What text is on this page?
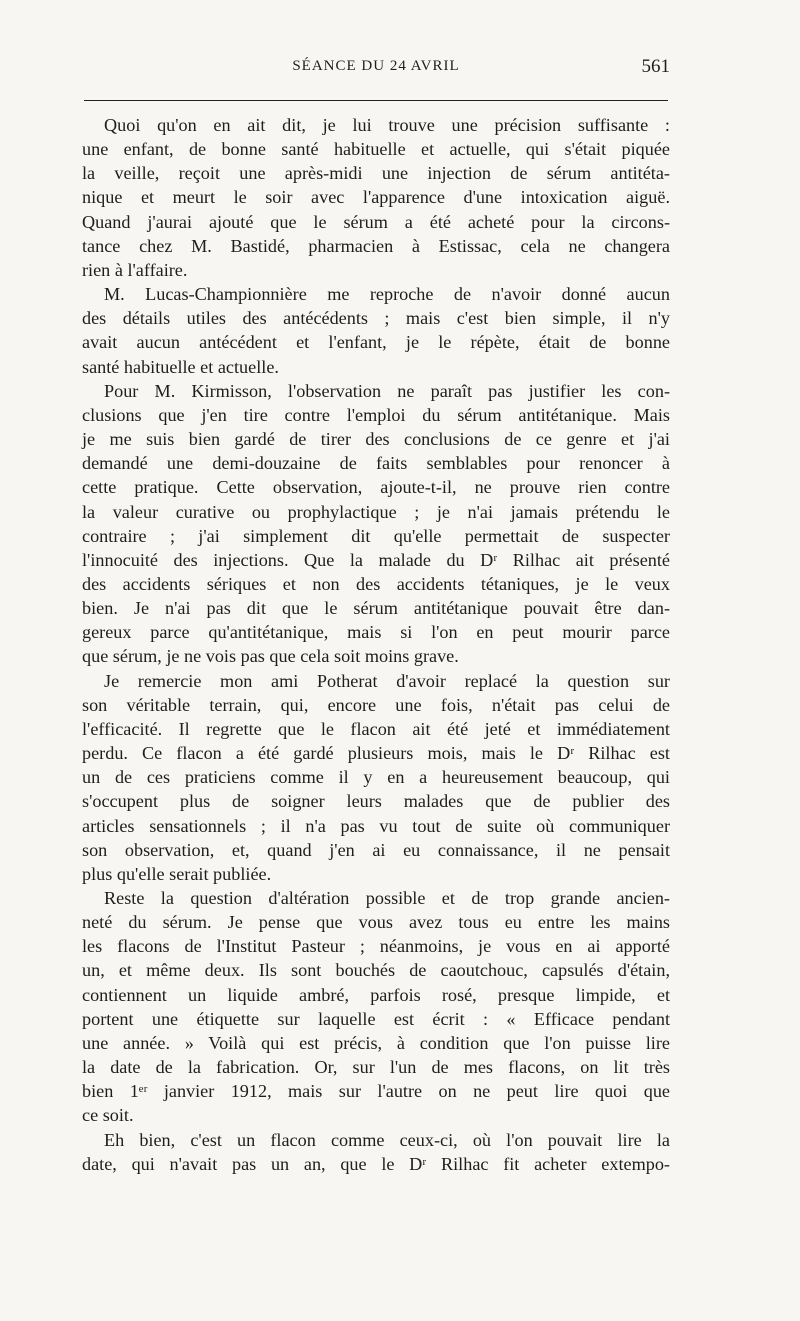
SÉANCE DU 24 AVRIL	561
Quoi qu'on en ait dit, je lui trouve une précision suffisante :
une enfant, de bonne santé habituelle et actuelle, qui s'était piquée
la veille, reçoit une après-midi une injection de sérum antitéta-
nique et meurt le soir avec l'apparence d'une intoxication aiguë.
Quand j'aurai ajouté que le sérum a été acheté pour la circons-
tance chez M. Bastidé, pharmacien à Estissac, cela ne changera
rien à l'affaire.
M. Lucas-Championnière me reproche de n'avoir donné aucun
des détails utiles des antécédents ; mais c'est bien simple, il n'y
avait aucun antécédent et l'enfant, je le répète, était de bonne
santé habituelle et actuelle.
Pour M. Kirmisson, l'observation ne paraît pas justifier les con-
clusions que j'en tire contre l'emploi du sérum antitétanique. Mais
je me suis bien gardé de tirer des conclusions de ce genre et j'ai
demandé une demi-douzaine de faits semblables pour renoncer à
cette pratique. Cette observation, ajoute-t-il, ne prouve rien contre
la valeur curative ou prophylactique ; je n'ai jamais prétendu le
contraire ; j'ai simplement dit qu'elle permettait de suspecter
l'innocuité des injections. Que la malade du Dʳ Rilhac ait présenté
des accidents sériques et non des accidents tétaniques, je le veux
bien. Je n'ai pas dit que le sérum antitétanique pouvait être dan-
gereux parce qu'antitétanique, mais si l'on en peut mourir parce
que sérum, je ne vois pas que cela soit moins grave.
Je remercie mon ami Potherat d'avoir replacé la question sur
son véritable terrain, qui, encore une fois, n'était pas celui de
l'efficacité. Il regrette que le flacon ait été jeté et immédiatement
perdu. Ce flacon a été gardé plusieurs mois, mais le Dʳ Rilhac est
un de ces praticiens comme il y en a heureusement beaucoup, qui
s'occupent plus de soigner leurs malades que de publier des
articles sensationnels ; il n'a pas vu tout de suite où communiquer
son observation, et, quand j'en ai eu connaissance, il ne pensait
plus qu'elle serait publiée.
Reste la question d'altération possible et de trop grande ancien-
neté du sérum. Je pense que vous avez tous eu entre les mains
les flacons de l'Institut Pasteur ; néanmoins, je vous en ai apporté
un, et même deux. Ils sont bouchés de caoutchouc, capsulés d'étain,
contiennent un liquide ambré, parfois rosé, presque limpide, et
portent une étiquette sur laquelle est écrit : « Efficace pendant
une année. » Voilà qui est précis, à condition que l'on puisse lire
la date de la fabrication. Or, sur l'un de mes flacons, on lit très
bien 1ᵉʳ janvier 1912, mais sur l'autre on ne peut lire quoi que
ce soit.
Eh bien, c'est un flacon comme ceux-ci, où l'on pouvait lire la
date, qui n'avait pas un an, que le Dʳ Rilhac fit acheter extempo-
